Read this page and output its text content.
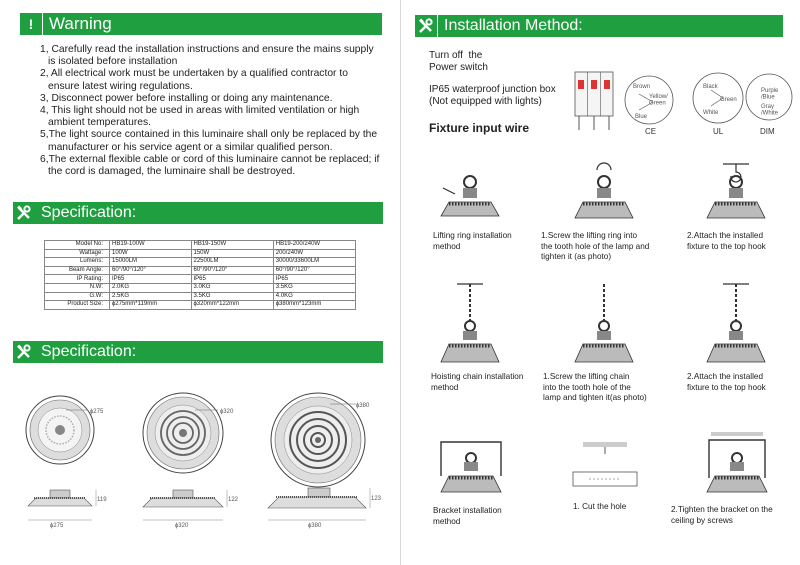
! Warning
1, Carefully read the installation instructions and ensure the mains supply is isolated before installation
2, All electrical work must be undertaken by a qualified contractor to ensure latest wiring regulations.
3, Disconnect power before installing or doing any maintenance.
4, This light should not be used in areas with limited ventilation or high ambient temperatures.
5,The light source contained in this luminaire shall only be replaced by the manufacturer or his service agent or a similar qualified person.
6,The external flexible cable or cord of this luminaire cannot be replaced; if the cord is damaged, the luminaire shall be destroyed.
Specification:
Model No:	HB19-100W	HB19-150W	HB19-200/240W
Wattage:	100W	150W	200/240W
Lumens:	15000LM	22500LM	30000/33600LM
Beam Angle:	60°/90°/120°	60°/90°/120°	60°/90°/120°
IP Rating:	IP65	IP65	IP65
N.W:	2.0KG	3.0KG	3.5KG
G.W:	2.5KG	3.5KG	4.0KG
Product Size:	ɸ275mm*119mm	ɸ320mm*122mm	ɸ380mm*123mm
Specification:
ɸ275	ɸ320
ɸ380
ɸ275
119
ɸ320
122
ɸ380
123
Installation Method:
Turn off  the
Power switch
IP65 waterproof junction box
(Not equipped with lights)
Fixture input wire
Brown
Yellow/ Green
Blue
CE
Black
Green
White
UL
Purple /Blue
Gray /White
DIM
Lifting ring installation
method
1.Screw the lifting ring into
the tooth hole of the lamp and
tighten it (as photo)
2.Attach the installed
fixture to the top hook
Hoisting chain installation
method
1.Screw the lifting chain
into the tooth hole of the
lamp and tighten it(as photo)
2.Attach the installed
fixture to the top hook
Bracket installation
method
1. Cut the hole	2.Tighten the bracket on the
ceiling by screws
